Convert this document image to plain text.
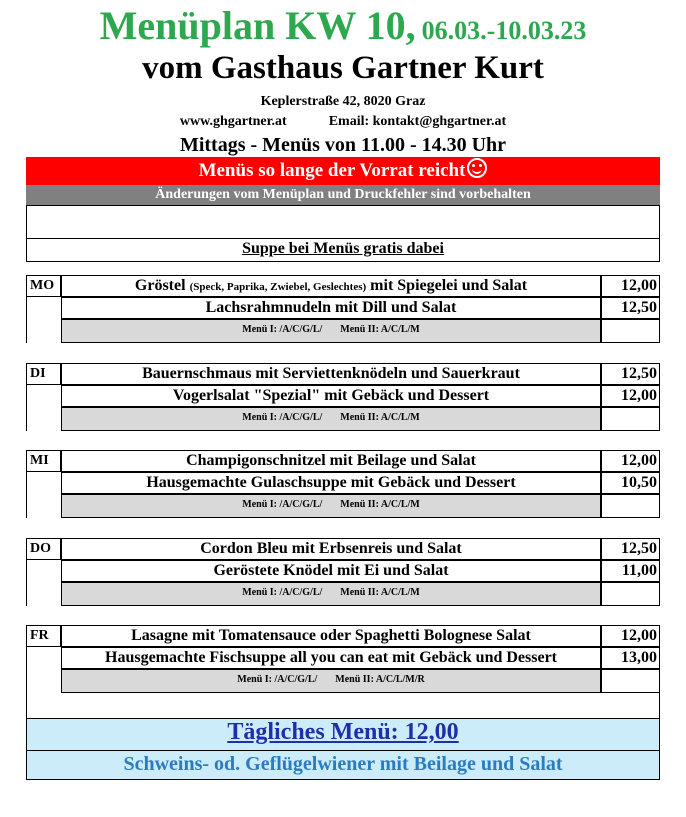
Menüplan KW 10, 06.03.-10.03.23
vom Gasthaus Gartner Kurt
Keplerstraße 42, 8020 Graz
www.ghgartner.at	Email: kontakt@ghgartner.at
Mittags - Menüs von 11.00 - 14.30 Uhr
Menüs so lange der Vorrat reicht
Änderungen vom Menüplan und Druckfehler sind vorbehalten
Suppe bei Menüs gratis dabei
MO	Gröstel (Speck, Paprika, Zwiebel, Geslechtes) mit Spiegelei und Salat	12,00
Lachsrahmnudeln mit Dill und Salat	12,50
Menü I: /A/C/G/L/ Menü II: A/C/L/M
DI	Bauernschmaus mit Serviettenknödeln und Sauerkraut	12,50
Vogerlsalat "Spezial" mit Gebäck und Dessert	12,00
Menü I: /A/C/G/L/ Menü II: A/C/L/M
MI	Champigonschnitzel mit Beilage und Salat	12,00
Hausgemachte Gulaschsuppe mit Gebäck und Dessert	10,50
Menü I: /A/C/G/L/ Menü II: A/C/L/M
DO	Cordon Bleu mit Erbsenreis und Salat	12,50
Geröstete Knödel mit Ei und Salat	11,00
Menü I: /A/C/G/L/ Menü II: A/C/L/M
FR	Lasagne mit Tomatensauce oder Spaghetti Bolognese Salat	12,00
Hausgemachte Fischsuppe all you can eat mit Gebäck und Dessert	13,00
Menü I: /A/C/G/L/ Menü II: A/C/L/M/R
Tägliches Menü: 12,00
Schweins- od. Geflügelwiener mit Beilage und Salat
